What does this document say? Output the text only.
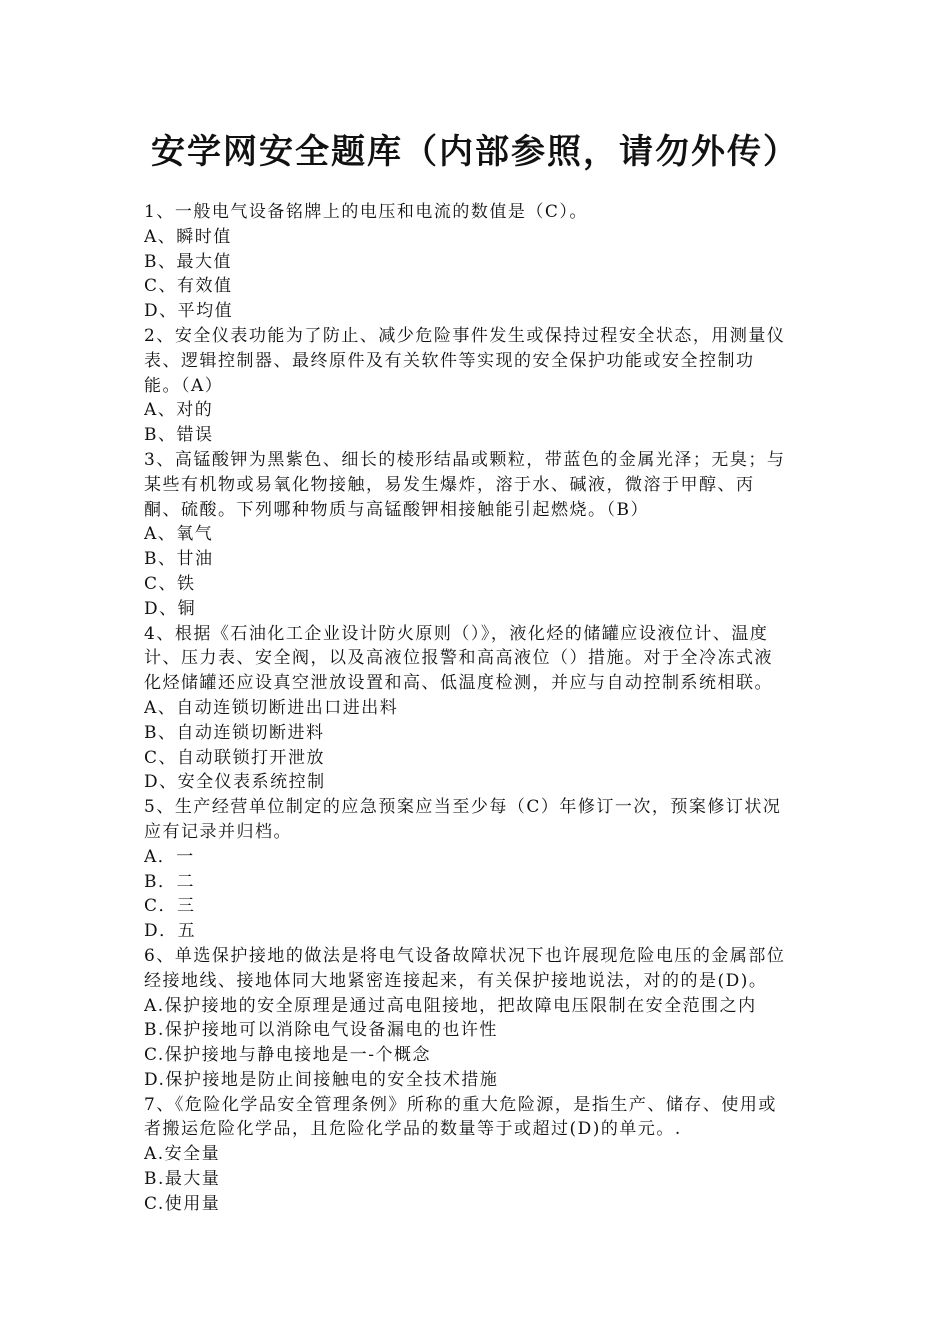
安学网安全题库（内部参照，请勿外传）
1、一般电气设备铭牌上的电压和电流的数值是（C）。
A、瞬时值
B、最大值
C、有效值
D、平均值
2、安全仪表功能为了防止、减少危险事件发生或保持过程安全状态，用测量仪
表、逻辑控制器、最终原件及有关软件等实现的安全保护功能或安全控制功
能。（A）
A、对的
B、错误
3、高锰酸钾为黑紫色、细长的棱形结晶或颗粒，带蓝色的金属光泽；无臭；与
某些有机物或易氧化物接触，易发生爆炸，溶于水、碱液，微溶于甲醇、丙
酮、硫酸。下列哪种物质与高锰酸钾相接触能引起燃烧。（B）
A、氧气
B、甘油
C、铁
D、铜
4、根据《石油化工企业设计防火原则（）》，液化烃的储罐应设液位计、温度
计、压力表、安全阀，以及高液位报警和高高液位（）措施。对于全冷冻式液
化烃储罐还应设真空泄放设置和高、低温度检测，并应与自动控制系统相联。
A、自动连锁切断进出口进出料
B、自动连锁切断进料
C、自动联锁打开泄放
D、安全仪表系统控制
5、生产经营单位制定的应急预案应当至少每（C）年修订一次，预案修订状况
应有记录并归档。
A．一
B．二
C．三
D．五
6、单选保护接地的做法是将电气设备故障状况下也许展现危险电压的金属部位
经接地线、接地体同大地紧密连接起来，有关保护接地说法，对的的是(D)。
A.保护接地的安全原理是通过高电阻接地，把故障电压限制在安全范围之内
B.保护接地可以消除电气设备漏电的也许性
C.保护接地与静电接地是一-个概念
D.保护接地是防止间接触电的安全技术措施
7、《危险化学品安全管理条例》所称的重大危险源，是指生产、储存、使用或
者搬运危险化学品，且危险化学品的数量等于或超过(D)的单元。.
A.安全量
B.最大量
C.使用量
